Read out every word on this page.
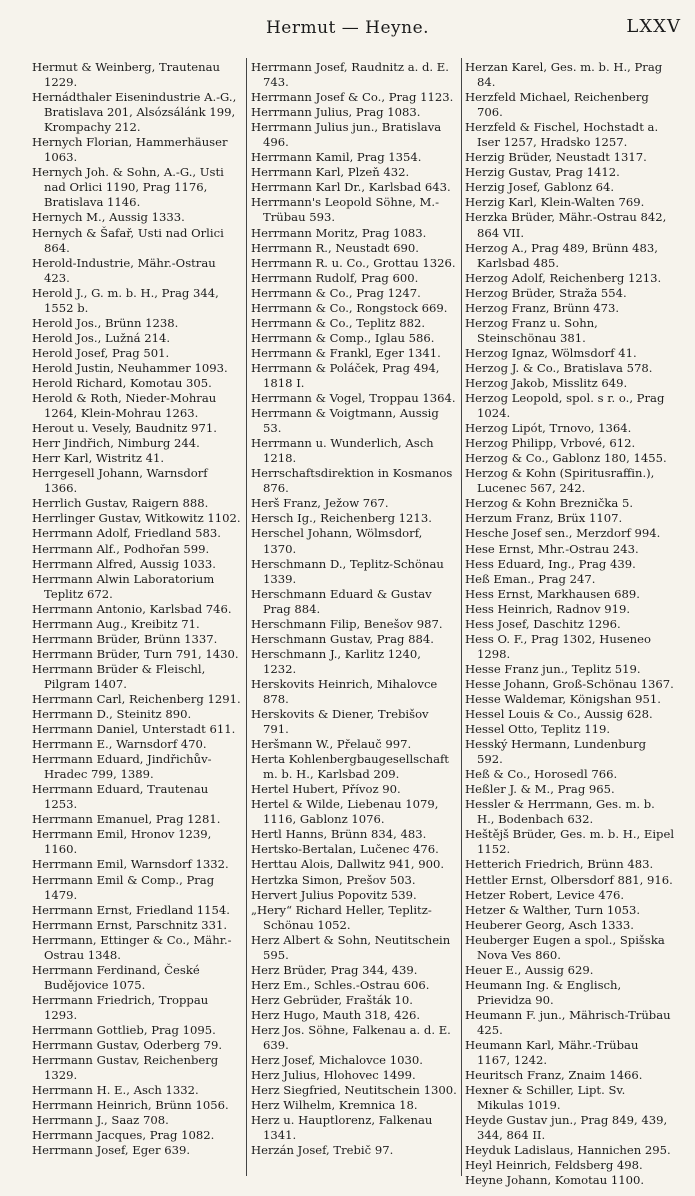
Hermut — Heyne.	LXXV

Hermut & Weinberg, Trautenau 1229.

Hernádthaler Eisenindustrie A.-G., Bratislava 201, Alsózsálánk 199, Krompachy 212.

Hernych Florian, Hammerhäuser 1063.

Hernych Joh. & Sohn, A.-G., Usti nad Orlici 1190, Prag 1176, Bratislava 1146.

Hernych M., Aussig 1333.

Hernych & Šafař, Usti nad Orlici 864.

Herold-Industrie, Mähr.-Ostrau 423.

Herold J., G. m. b. H., Prag 344, 1552 b.

Herold Jos., Brünn 1238.

Herold Jos., Lužná 214.

Herold Josef, Prag 501.

Herold Justin, Neuhammer 1093.

Herold Richard, Komotau 305.

Herold & Roth, Nieder-Mohrau 1264, Klein-Mohrau 1263.

Herout u. Vesely, Baudnitz 971.

Herr Jindřich, Nimburg 244.

Herr Karl, Wistritz 41.

Herrgesell Johann, Warnsdorf 1366.

Herrlich Gustav, Raigern 888.

Herrlinger Gustav, Witkowitz 1102.

Herrmann Adolf, Friedland 583.

Herrmann Alf., Podhořan 599.

Herrmann Alfred, Aussig 1033.

Herrmann Alwin Laboratorium Teplitz 672.

Herrmann Antonio, Karlsbad 746.

Herrmann Aug., Kreibitz 71.

Herrmann Brüder, Brünn 1337.

Herrmann Brüder, Turn 791, 1430.

Herrmann Brüder & Fleischl, Pilgram 1407.

Herrmann Carl, Reichenberg 1291.

Herrmann D., Steinitz 890.

Herrmann Daniel, Unterstadt 611.

Herrmann E., Warnsdorf 470.

Herrmann Eduard, Jindřichův-Hradec 799, 1389.

Herrmann Eduard, Trautenau 1253.

Herrmann Emanuel, Prag 1281.

Herrmann Emil, Hronov 1239, 1160.

Herrmann Emil, Warnsdorf 1332.

Herrmann Emil & Comp., Prag 1479.

Herrmann Ernst, Friedland 1154.

Herrmann Ernst, Parschnitz 331.

Herrmann, Ettinger & Co., Mähr.-Ostrau 1348.

Herrmann Ferdinand, České Budějovice 1075.

Herrmann Friedrich, Troppau 1293.

Herrmann Gottlieb, Prag 1095.

Herrmann Gustav, Oderberg 79.

Herrmann Gustav, Reichenberg 1329.

Herrmann H. E., Asch 1332.

Herrmann Heinrich, Brünn 1056.

Herrmann J., Saaz 708.

Herrmann Jacques, Prag 1082.

Herrmann Josef, Eger 639.

Herrmann Josef, Raudnitz a. d. E. 743.

Herrmann Josef & Co., Prag 1123.

Herrmann Julius, Prag 1083.

Herrmann Julius jun., Bratislava 496.

Herrmann Kamil, Prag 1354.

Herrmann Karl, Plzeň 432.

Herrmann Karl Dr., Karlsbad 643.

Herrmann's Leopold Söhne, M.-Trübau 593.

Herrmann Moritz, Prag 1083.

Herrmann R., Neustadt 690.

Herrmann R. u. Co., Grottau 1326.

Herrmann Rudolf, Prag 600.

Herrmann & Co., Prag 1247.

Herrmann & Co., Rongstock 669.

Herrmann & Co., Teplitz 882.

Herrmann & Comp., Iglau 586.

Herrmann & Frankl, Eger 1341.

Herrmann & Poláček, Prag 494, 1818 I.

Herrmann & Vogel, Troppau 1364.

Herrmann & Voigtmann, Aussig 53.

Herrmann u. Wunderlich, Asch 1218.

Herrschaftsdirektion in Kosmanos 876.

Herš Franz, Ježow 767.

Hersch Ig., Reichenberg 1213.

Herschel Johann, Wölmsdorf, 1370.

Herschmann D., Teplitz-Schönau 1339.

Herschmann Eduard & Gustav Prag 884.

Herschmann Filip, Benešov 987.

Herschmann Gustav, Prag 884.

Herschmann J., Karlitz 1240, 1232.

Herskovits Heinrich, Mihalovce 878.

Herskovits & Diener, Trebišov 791.

Heršmann W., Přelauč 997.

Herta Kohlenbergbaugesellschaft m. b. H., Karlsbad 209.

Hertel Hubert, Přívoz 90.

Hertel & Wilde, Liebenau 1079, 1116, Gablonz 1076.

Hertl Hanns, Brünn 834, 483.

Hertsko-Bertalan, Lučenec 476.

Herttau Alois, Dallwitz 941, 900.

Hertzka Simon, Prešov 503.

Hervert Julius Popovitz 539.

„Hery“ Richard Heller, Teplitz-Schönau 1052.

Herz Albert & Sohn, Neutitschein 595.

Herz Brüder, Prag 344, 439.

Herz Em., Schles.-Ostrau 606.

Herz Gebrüder, Frašták 10.

Herz Hugo, Mauth 318, 426.

Herz Jos. Söhne, Falkenau a. d. E. 639.

Herz Josef, Michalovce 1030.

Herz Julius, Hlohovec 1499.

Herz Siegfried, Neutitschein 1300.

Herz Wilhelm, Kremnica 18.

Herz u. Hauptlorenz, Falkenau 1341.

Herzán Josef, Trebič 97.

Herzan Karel, Ges. m. b. H., Prag 84.

Herzfeld Michael, Reichenberg 706.

Herzfeld & Fischel, Hochstadt a. Iser 1257, Hradsko 1257.

Herzig Brüder, Neustadt 1317.

Herzig Gustav, Prag 1412.

Herzig Josef, Gablonz 64.

Herzig Karl, Klein-Walten 769.

Herzka Brüder, Mähr.-Ostrau 842, 864 VII.

Herzog A., Prag 489, Brünn 483, Karlsbad 485.

Herzog Adolf, Reichenberg 1213.

Herzog Brüder, Straža 554.

Herzog Franz, Brünn 473.

Herzog Franz u. Sohn, Steinschönau 381.

Herzog Ignaz, Wölmsdorf 41.

Herzog J. & Co., Bratislava 578.

Herzog Jakob, Misslitz 649.

Herzog Leopold, spol. s r. o., Prag 1024.

Herzog Lipót, Trnovo, 1364.

Herzog Philipp, Vrbové, 612.

Herzog & Co., Gablonz 180, 1455.

Herzog & Kohn (Spiritusraffin.), Lucenec 567, 242.

Herzog & Kohn Breznička 5.

Herzum Franz, Brüx 1107.

Hesche Josef sen., Merzdorf 994.

Hese Ernst, Mhr.-Ostrau 243.

Hess Eduard, Ing., Prag 439.

Heß Eman., Prag 247.

Hess Ernst, Markhausen 689.

Hess Heinrich, Radnov 919.

Hess Josef, Daschitz 1296.

Hess O. F., Prag 1302, Huseneo 1298.

Hesse Franz jun., Teplitz 519.

Hesse Johann, Groß-Schönau 1367.

Hesse Waldemar, Königshan 951.

Hessel Louis & Co., Aussig 628.

Hessel Otto, Teplitz 119.

Hesský Hermann, Lundenburg 592.

Heß & Co., Horosedl 766.

Heßler J. & M., Prag 965.

Hessler & Herrmann, Ges. m. b. H., Bodenbach 632.

Heštějš Brüder, Ges. m. b. H., Eipel 1152.

Hetterich Friedrich, Brünn 483.

Hettler Ernst, Olbersdorf 881, 916.

Hetzer Robert, Levice 476.

Hetzer & Walther, Turn 1053.

Heuberer Georg, Asch 1333.

Heuberger Eugen a spol., Spišska Nova Ves 860.

Heuer E., Aussig 629.

Heumann Ing. & Englisch, Prievidza 90.

Heumann F. jun., Mährisch-Trübau 425.

Heumann Karl, Mähr.-Trübau 1167, 1242.

Heuritsch Franz, Znaim 1466.

Hexner & Schiller, Lipt. Sv. Mikulas 1019.

Heyde Gustav jun., Prag 849, 439, 344, 864 II.

Heyduk Ladislaus, Hannichen 295.

Heyl Heinrich, Feldsberg 498.

Heyne Johann, Komotau 1100.
